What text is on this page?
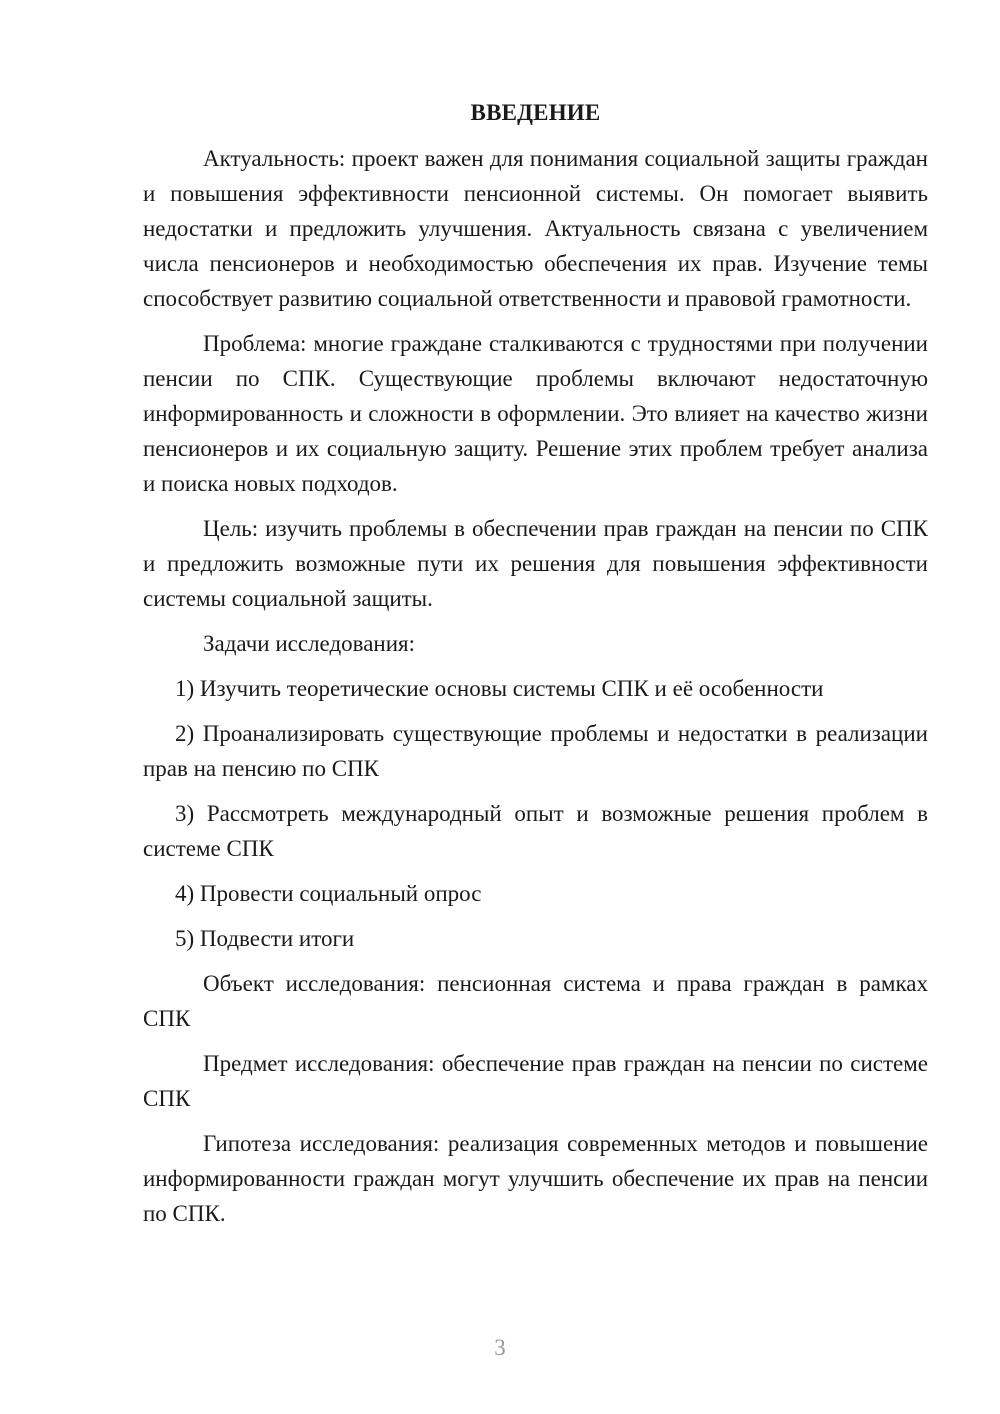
ВВЕДЕНИЕ

Актуальность: проект важен для понимания социальной защиты граждан и повышения эффективности пенсионной системы. Он помогает выявить недостатки и предложить улучшения. Актуальность связана с увеличением числа пенсионеров и необходимостью обеспечения их прав. Изучение темы способствует развитию социальной ответственности и правовой грамотности.

Проблема: многие граждане сталкиваются с трудностями при получении пенсии по СПК. Существующие проблемы включают недостаточную информированность и сложности в оформлении. Это влияет на качество жизни пенсионеров и их социальную защиту. Решение этих проблем требует анализа и поиска новых подходов.

Цель: изучить проблемы в обеспечении прав граждан на пенсии по СПК и предложить возможные пути их решения для повышения эффективности системы социальной защиты.

Задачи исследования:

1) Изучить теоретические основы системы СПК и её особенности

2) Проанализировать существующие проблемы и недостатки в реализации прав на пенсию по СПК

3) Рассмотреть международный опыт и возможные решения проблем в системе СПК

4) Провести социальный опрос

5) Подвести итоги

Объект исследования: пенсионная система и права граждан в рамках СПК

Предмет исследования: обеспечение прав граждан на пенсии по системе СПК

Гипотеза исследования: реализация современных методов и повышение информированности граждан могут улучшить обеспечение их прав на пенсии по СПК.

3
